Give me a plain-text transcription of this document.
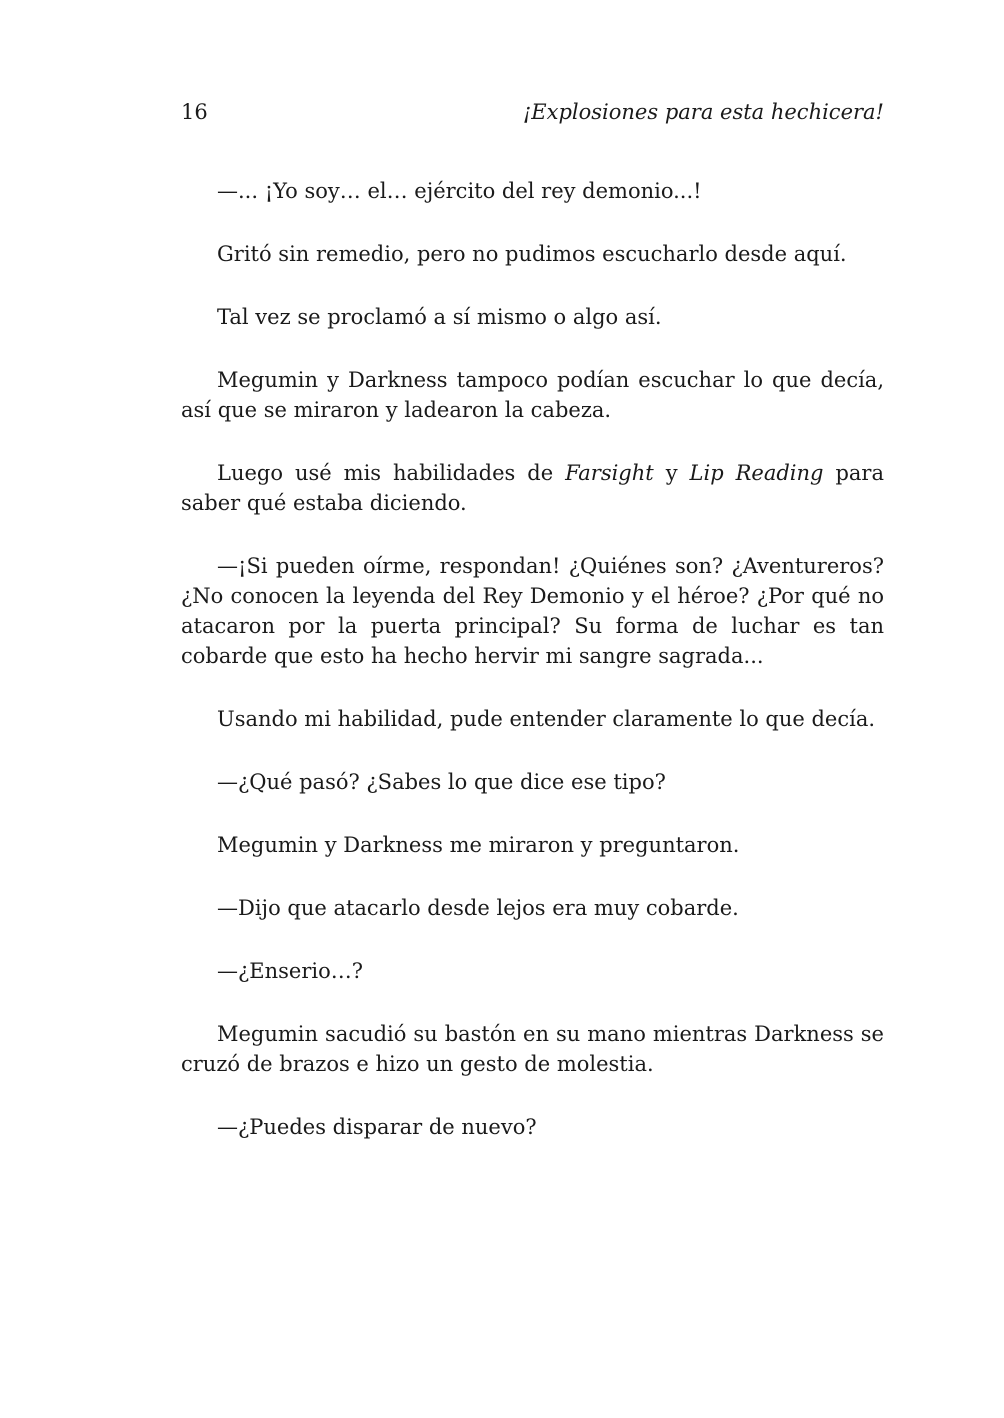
16	¡Explosiones para esta hechicera!

—... ¡Yo soy… el… ejército del rey demonio...!

Gritó sin remedio, pero no pudimos escucharlo desde aquí.

Tal vez se proclamó a sí mismo o algo así.

Megumin y Darkness tampoco podían escuchar lo que decía, así que se miraron y ladearon la cabeza.

Luego usé mis habilidades de Farsight y Lip Reading para saber qué estaba diciendo.

—¡Si pueden oírme, respondan! ¿Quiénes son? ¿Aventureros? ¿No conocen la leyenda del Rey Demonio y el héroe? ¿Por qué no atacaron por la puerta principal? Su forma de luchar es tan cobarde que esto ha hecho hervir mi sangre sagrada...

Usando mi habilidad, pude entender claramente lo que decía.

—¿Qué pasó? ¿Sabes lo que dice ese tipo?

Megumin y Darkness me miraron y preguntaron.

—Dijo que atacarlo desde lejos era muy cobarde.

—¿Enserio…?

Megumin sacudió su bastón en su mano mientras Darkness se cruzó de brazos e hizo un gesto de molestia.

—¿Puedes disparar de nuevo?
